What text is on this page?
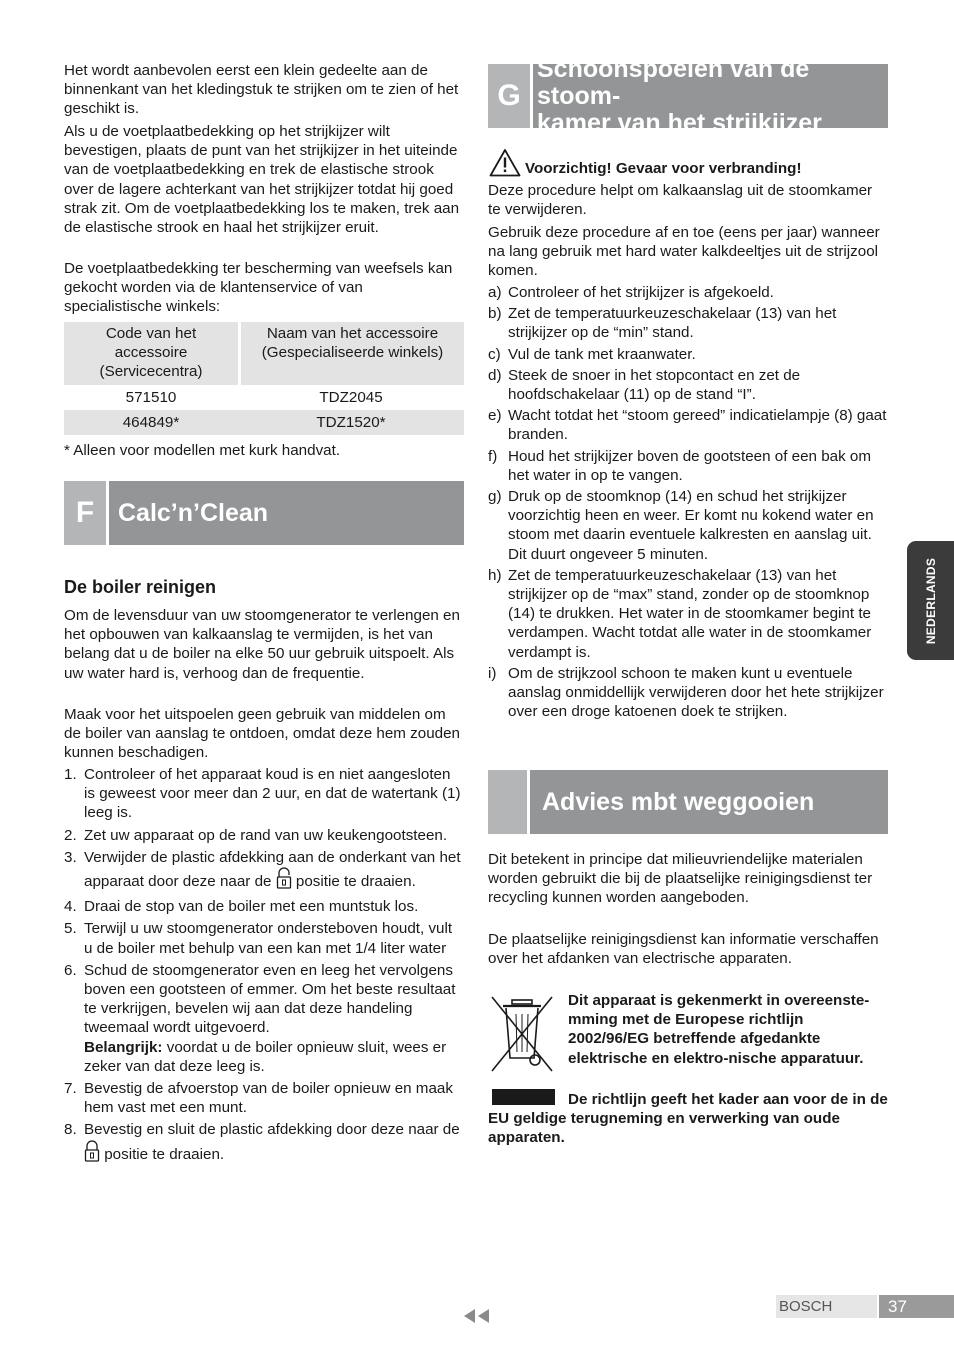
Het wordt aanbevolen eerst een klein gedeelte aan de binnenkant van het kledingstuk te strijken om te zien of het geschikt is.

Als u de voetplaatbedekking op het strijkijzer wilt bevestigen, plaats de punt van het strijkijzer in het uiteinde van de voetplaatbedekking en trek de elastische strook over de lagere achterkant van het strijkijzer totdat hij goed strak zit. Om de voetplaatbedekking los te maken, trek aan de elastische strook en haal het strijkijzer eruit.

De voetplaatbedekking ter bescherming van weefsels kan gekocht worden via de klantenservice of van specialistische winkels:

Code van het accessoire (Servicecentra)	Naam van het accessoire (Gespecialiseerde winkels)
571510	TDZ2045
464849*	TDZ1520*

* Alleen voor modellen met kurk handvat.

F Calc’n’Clean

De boiler reinigen

Om de levensduur van uw stoomgenerator te verlengen en het opbouwen van kalkaanslag te vermijden, is het van belang dat u de boiler na elke 50 uur gebruik uitspoelt. Als uw water hard is, verhoog dan de frequentie.

Maak voor het uitspoelen geen gebruik van middelen om de boiler van aanslag te ontdoen, omdat deze hem zouden kunnen beschadigen.

1. Controleer of het apparaat koud is en niet aangesloten is geweest voor meer dan 2 uur, en dat de watertank (1) leeg is.
2. Zet uw apparaat op de rand van uw keukengootsteen.
3. Verwijder de plastic afdekking aan de onderkant van het apparaat door deze naar de  positie te draaien.
4. Draai de stop van de boiler met een muntstuk los.
5. Terwijl u uw stoomgenerator ondersteboven houdt, vult u de boiler met behulp van een kan met 1/4 liter water
6. Schud de stoomgenerator even en leeg het vervolgens boven een gootsteen of emmer. Om het beste resultaat te verkrijgen, bevelen wij aan dat deze handeling tweemaal wordt uitgevoerd.
Belangrijk: voordat u de boiler opnieuw sluit, wees er zeker van dat deze leeg is.
7. Bevestig de afvoerstop van de boiler opnieuw en maak hem vast met een munt.
8. Bevestig en sluit de plastic afdekking door deze naar de  positie te draaien.
G
Schoonspoelen van de stoom-
kamer van het strijkijzer

Voorzichtig! Gevaar voor verbranding!

Deze procedure helpt om kalkaanslag uit de stoomkamer te verwijderen.

Gebruik deze procedure af en toe (eens per jaar) wanneer na lang gebruik met hard water kalkdeeltjes uit de strijzool komen.

a) Controleer of het strijkijzer is afgekoeld.
b) Zet de temperatuurkeuzeschakelaar (13) van het strijkijzer op de “min” stand.
c) Vul de tank met kraanwater.
d) Steek de snoer in het stopcontact en zet de hoofdschakelaar (11) op de stand “I”.
e) Wacht totdat het “stoom gereed” indicatielampje (8) gaat branden.
f) Houd het strijkijzer boven de gootsteen of een bak om het water in op te vangen.
g) Druk op de stoomknop (14) en schud het strijkijzer voorzichtig heen en weer. Er komt nu kokend water en stoom met daarin eventuele kalkresten en aanslag uit. Dit duurt ongeveer 5 minuten.
h) Zet de temperatuurkeuzeschakelaar (13) van het strijkijzer op de “max” stand, zonder op de stoomknop (14) te drukken. Het water in de stoomkamer begint te verdampen. Wacht totdat alle water in de stoomkamer verdampt is.
i) Om de strijkzool schoon te maken kunt u eventuele aanslag onmiddellijk verwijderen door het hete strijkijzer over een droge katoenen doek te strijken.
Advies mbt weggooien

Dit betekent in principe dat milieuvriendelijke materialen worden gebruikt die bij de plaatselijke reinigingsdienst ter recycling kunnen worden aangeboden.

De plaatselijke reinigingsdienst kan informatie verschaffen over het afdanken van electrische apparaten.

Dit apparaat is gekenmerkt in overeenste-mming met de Europese richtlijn 2002/96/EG betreffende afgedankte elektrische en elektro-nische apparatuur.

De richtlijn geeft het kader aan voor de in de EU geldige terugneming en verwerking van oude apparaten.

NEDERLANDS
BOSCH	37
